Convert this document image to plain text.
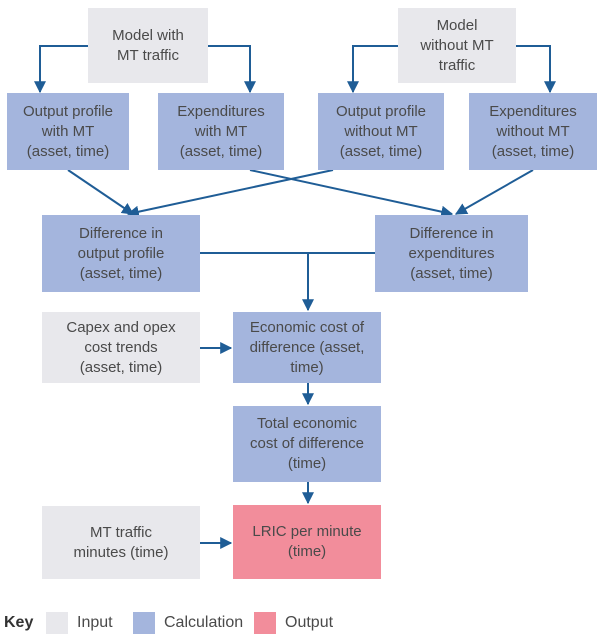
Model with
MT traffic
Model
without MT
traffic
Output profile
with MT
(asset, time)
Expenditures
with MT
(asset, time)
Output profile
without MT
(asset, time)
Expenditures
without MT
(asset, time)
Difference in
output profile
(asset, time)
Difference in
expenditures
(asset, time)
Capex and opex
cost trends
(asset, time)
Economic cost of
difference (asset,
time)
Total economic
cost of difference
(time)
MT traffic
minutes (time)
LRIC per minute
(time)
Key	Input	Calculation	Output
